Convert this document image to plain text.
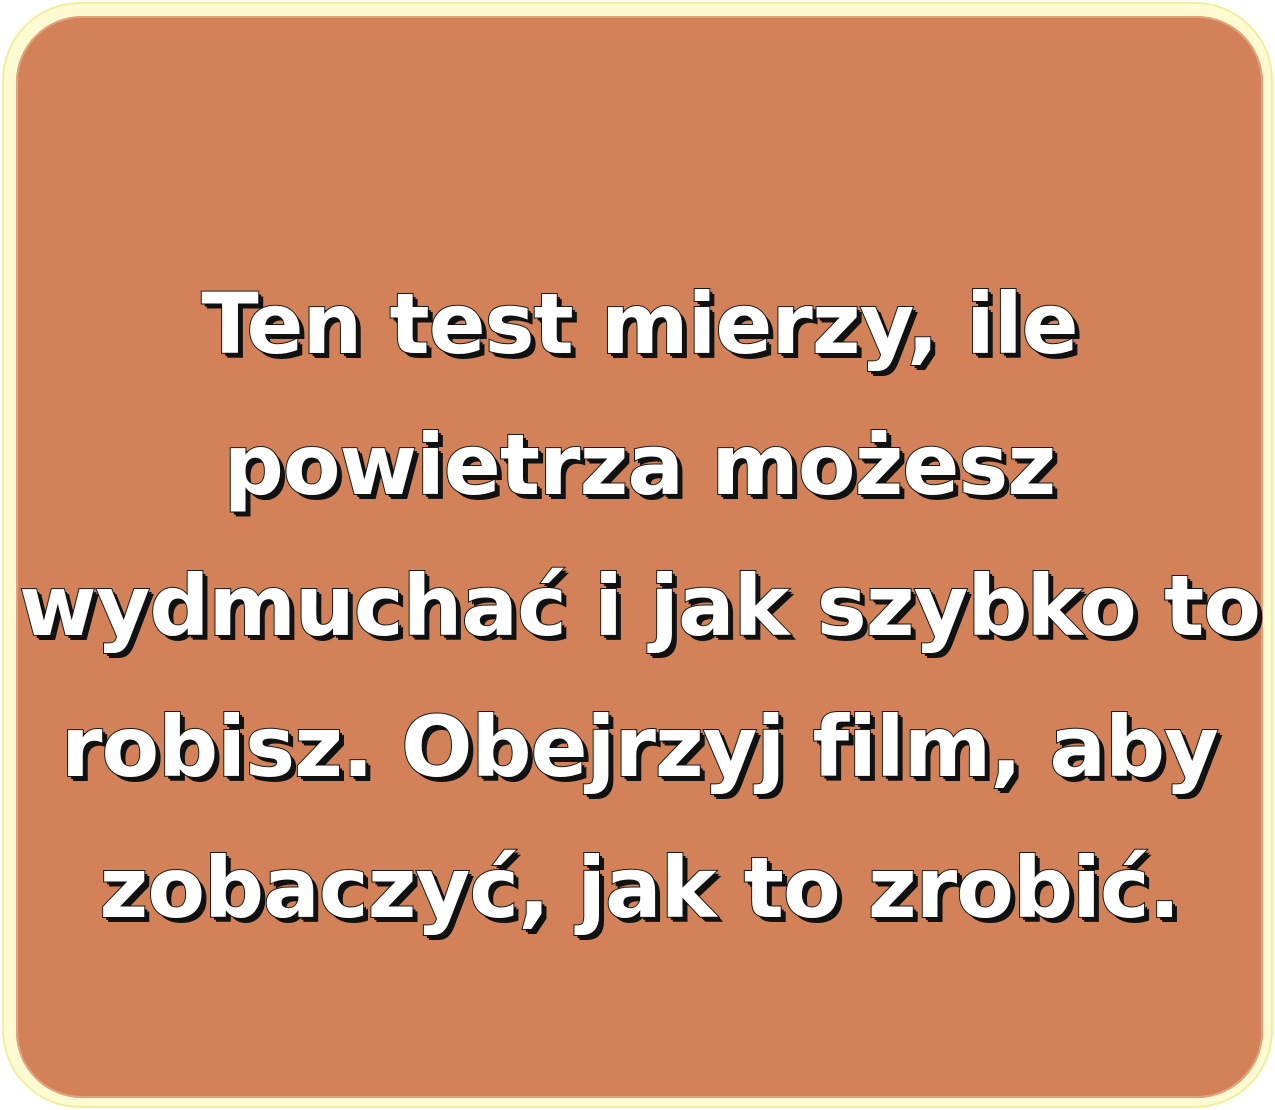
Ten test mierzy, ile
powietrza możesz
wydmuchać i jak szybko to
robisz. Obejrzyj film, aby
zobaczyć, jak to zrobić.
